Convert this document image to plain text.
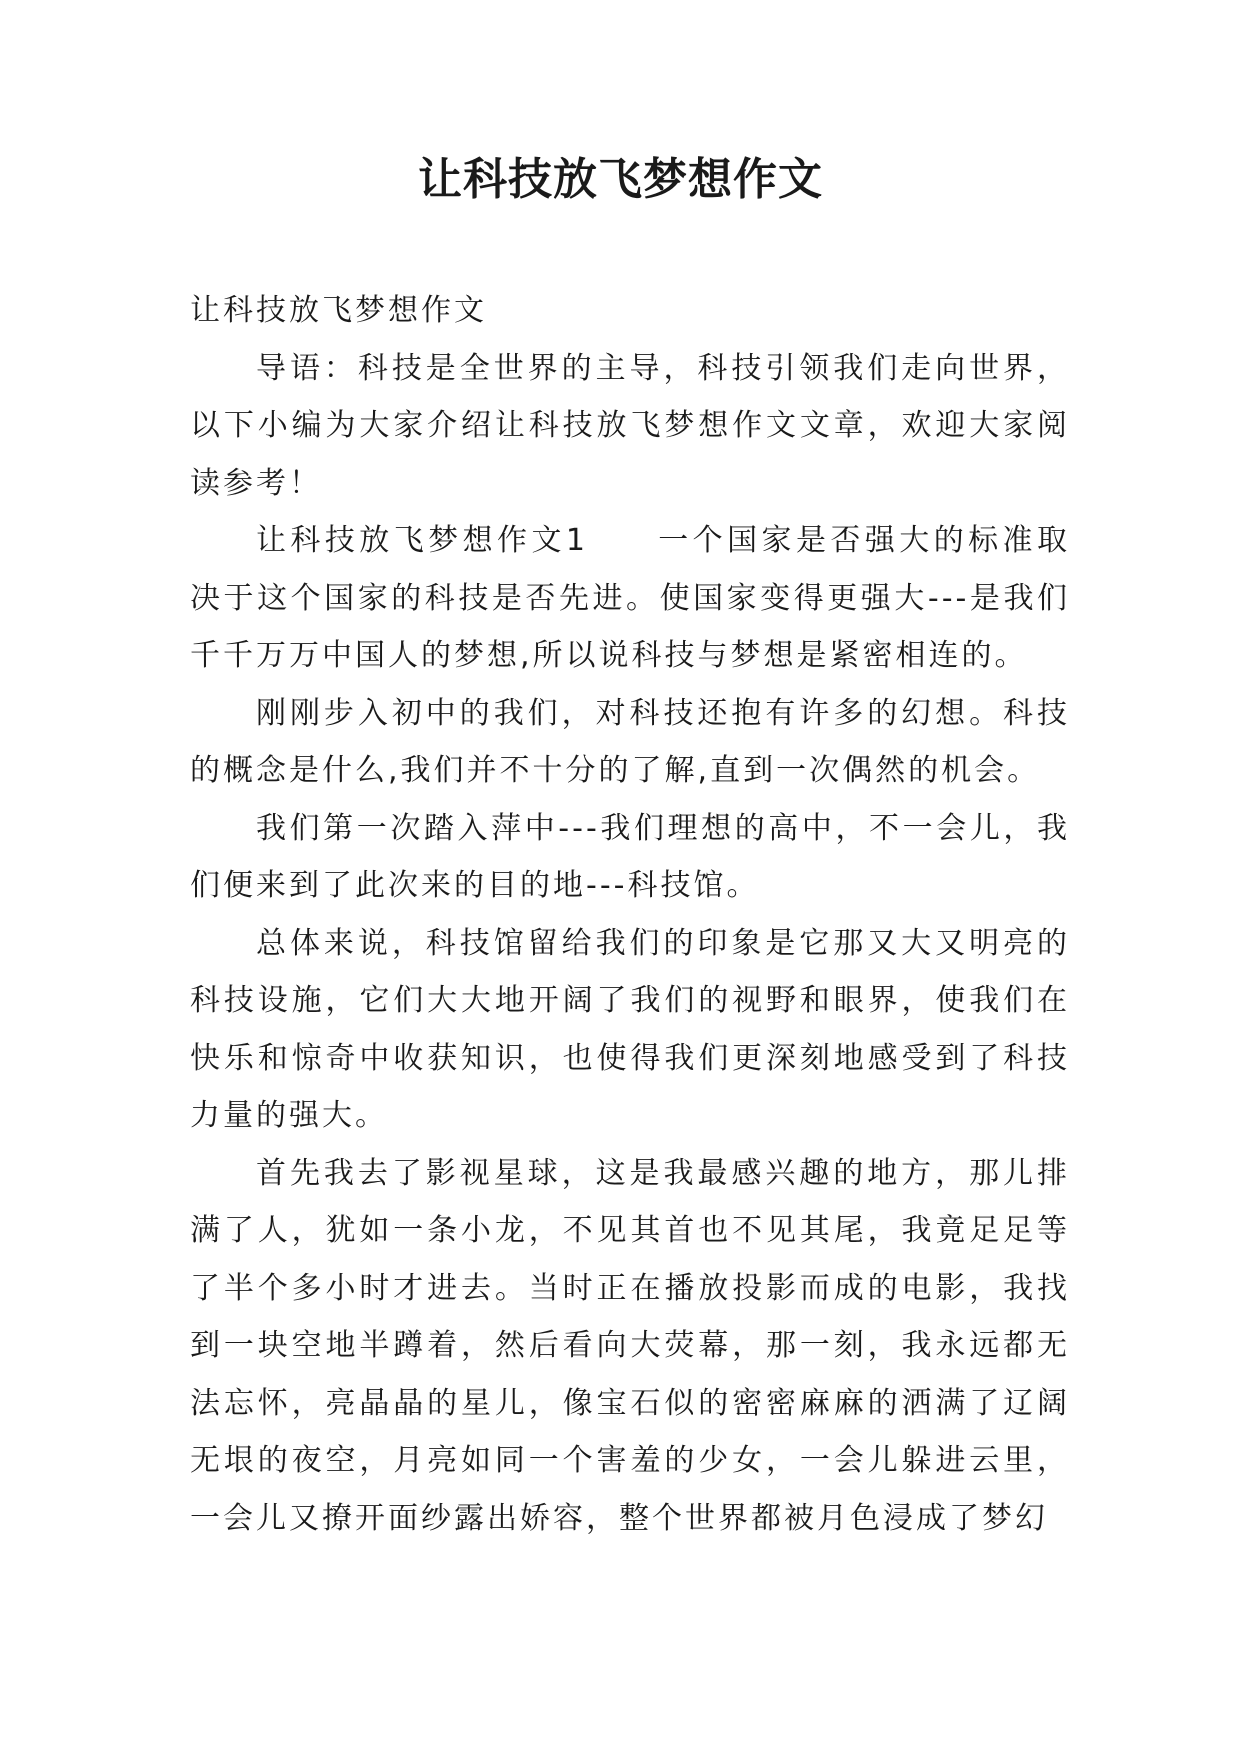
让科技放飞梦想作文

让科技放飞梦想作文

导语：科技是全世界的主导，科技引领我们走向世界，以下小编为大家介绍让科技放飞梦想作文文章，欢迎大家阅读参考！

让科技放飞梦想作文1　　一个国家是否强大的标准取决于这个国家的科技是否先进。使国家变得更强大---是我们千千万万中国人的梦想,所以说科技与梦想是紧密相连的。

刚刚步入初中的我们，对科技还抱有许多的幻想。科技的概念是什么,我们并不十分的了解,直到一次偶然的机会。

我们第一次踏入萍中---我们理想的高中，不一会儿，我们便来到了此次来的目的地---科技馆。

总体来说，科技馆留给我们的印象是它那又大又明亮的科技设施，它们大大地开阔了我们的视野和眼界，使我们在快乐和惊奇中收获知识，也使得我们更深刻地感受到了科技力量的强大。

首先我去了影视星球，这是我最感兴趣的地方，那儿排满了人，犹如一条小龙，不见其首也不见其尾，我竟足足等了半个多小时才进去。当时正在播放投影而成的电影，我找到一块空地半蹲着，然后看向大荧幕，那一刻，我永远都无法忘怀，亮晶晶的星儿，像宝石似的密密麻麻的洒满了辽阔无垠的夜空，月亮如同一个害羞的少女，一会儿躲进云里，一会儿又撩开面纱露出娇容，整个世界都被月色浸成了梦幻
